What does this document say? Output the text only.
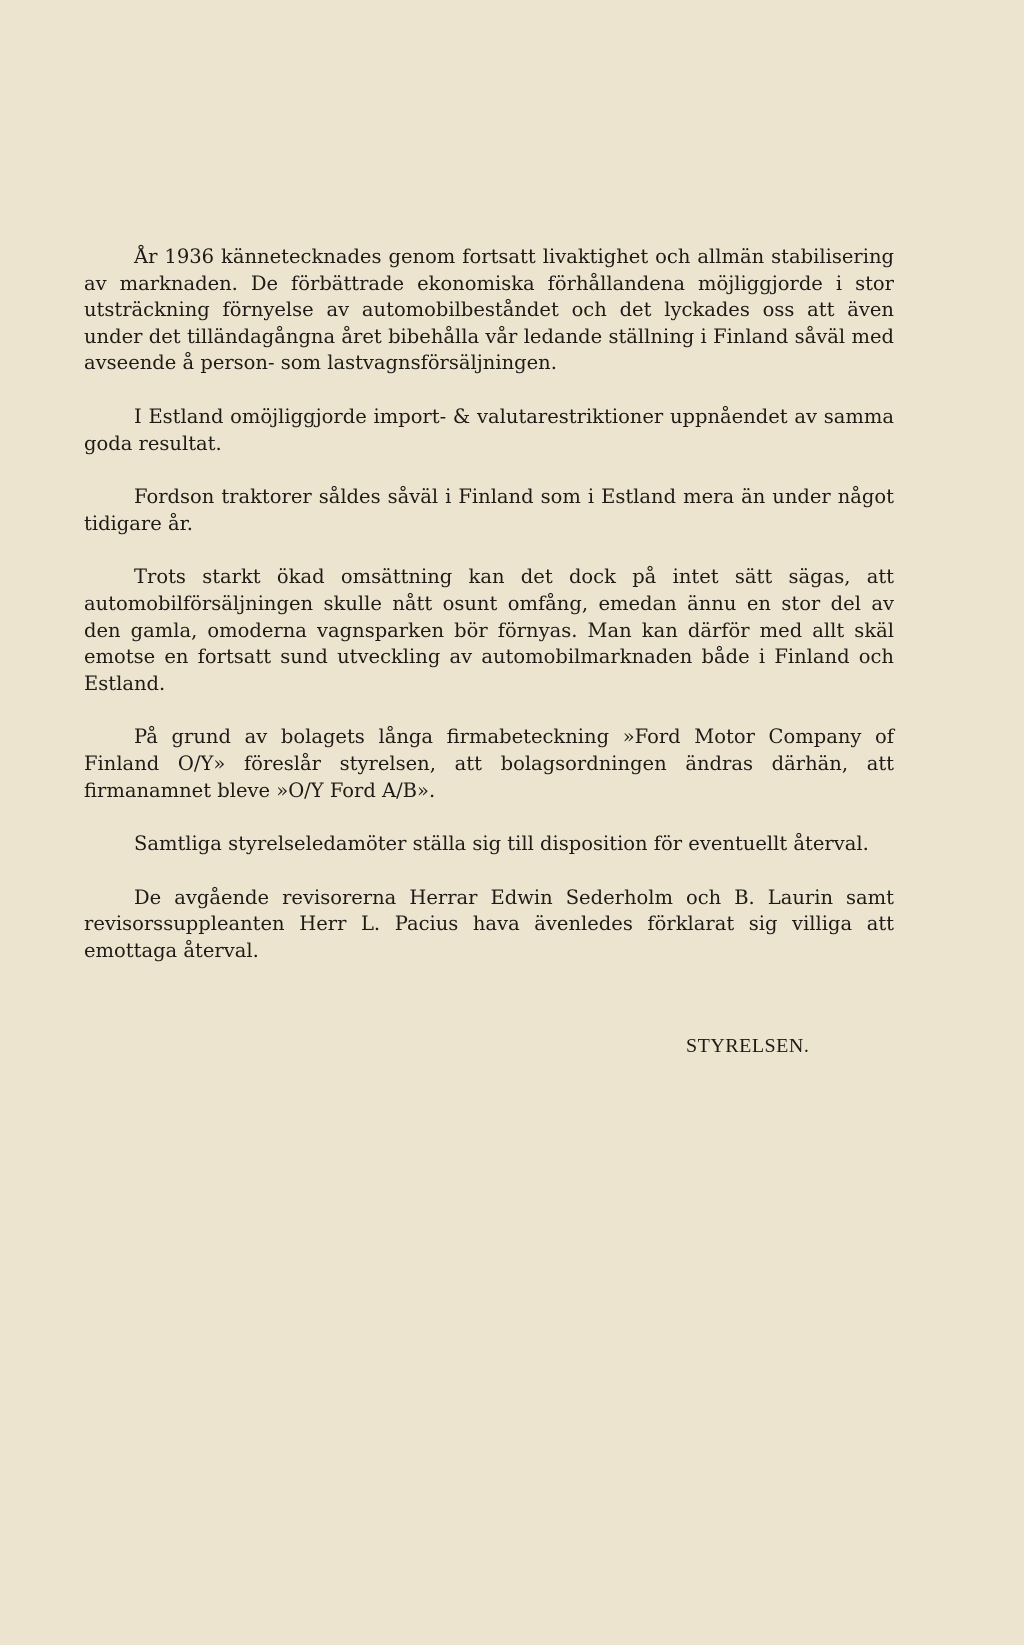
År 1936 kännetecknades genom fortsatt livaktighet och allmän stabilisering av marknaden. De förbättrade ekonomiska förhållandena möjliggjorde i stor utsträckning förnyelse av automobilbeståndet och det lyckades oss att även under det tilländagångna året bibehålla vår ledande ställning i Finland såväl med avseende å person- som lastvagnsförsäljningen.

I Estland omöjliggjorde import- & valutarestriktioner uppnåendet av samma goda resultat.

Fordson traktorer såldes såväl i Finland som i Estland mera än under något tidigare år.

Trots starkt ökad omsättning kan det dock på intet sätt sägas, att automobilförsäljningen skulle nått osunt omfång, emedan ännu en stor del av den gamla, omoderna vagnsparken bör förnyas. Man kan därför med allt skäl emotse en fortsatt sund utveckling av automobilmarknaden både i Finland och Estland.

På grund av bolagets långa firmabeteckning »Ford Motor Company of Finland O/Y» föreslår styrelsen, att bolagsordningen ändras därhän, att firmanamnet bleve »O/Y Ford A/B».

Samtliga styrelseledamöter ställa sig till disposition för eventuellt återval.

De avgående revisorerna Herrar Edwin Sederholm och B. Laurin samt revisorssuppleanten Herr L. Pacius hava ävenledes förklarat sig villiga att emottaga återval.

STYRELSEN.
